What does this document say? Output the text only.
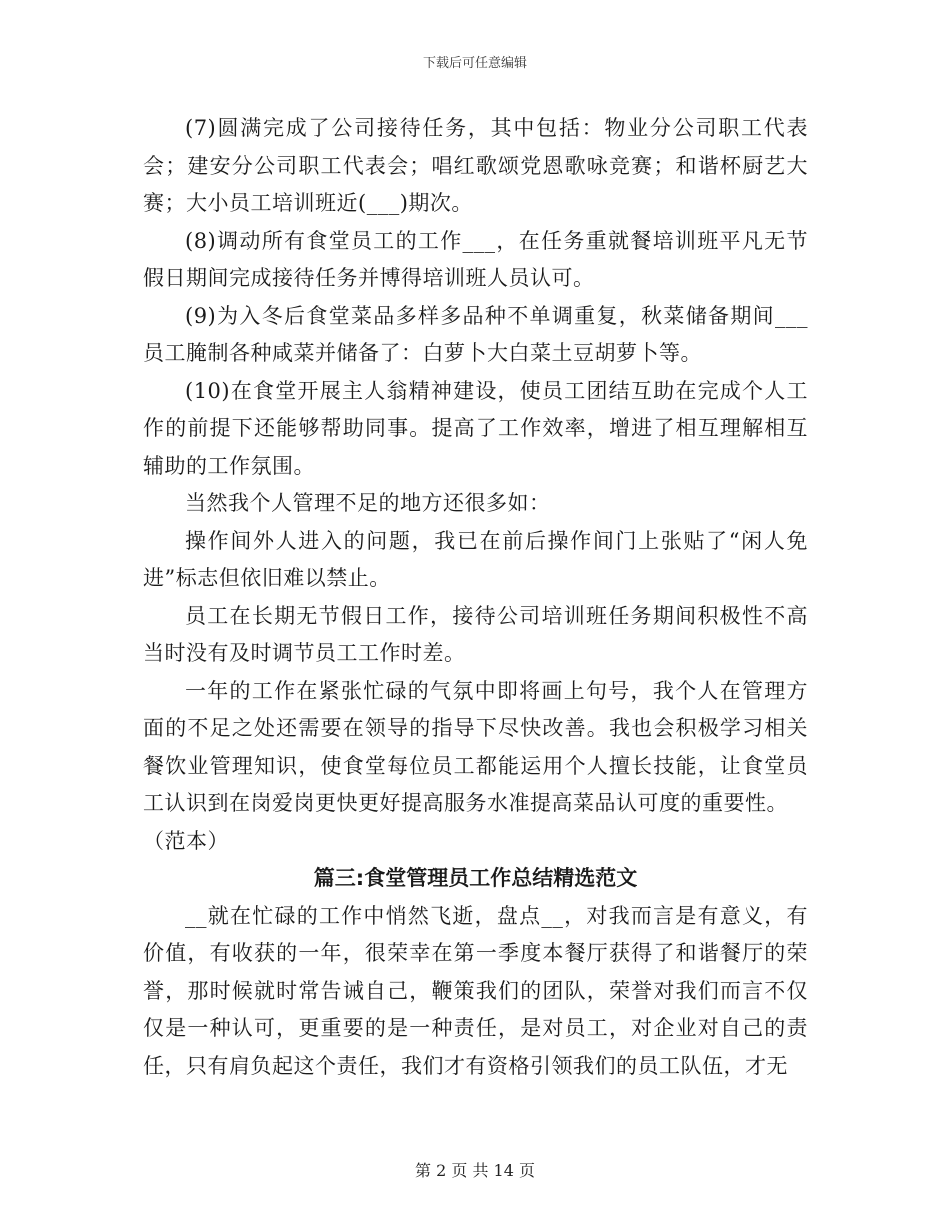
下载后可任意编辑

(7)圆满完成了公司接待任务，其中包括：物业分公司职工代表会；建安分公司职工代表会；唱红歌颂党恩歌咏竞赛；和谐杯厨艺大赛；大小员工培训班近(___)期次。

(8)调动所有食堂员工的工作___，在任务重就餐培训班平凡无节假日期间完成接待任务并博得培训班人员认可。

(9)为入冬后食堂菜品多样多品种不单调重复，秋菜储备期间___员工腌制各种咸菜并储备了：白萝卜大白菜土豆胡萝卜等。

(10)在食堂开展主人翁精神建设，使员工团结互助在完成个人工作的前提下还能够帮助同事。提高了工作效率，增进了相互理解相互辅助的工作氛围。

当然我个人管理不足的地方还很多如：

操作间外人进入的问题，我已在前后操作间门上张贴了“闲人免进”标志但依旧难以禁止。

员工在长期无节假日工作，接待公司培训班任务期间积极性不高当时没有及时调节员工工作时差。

一年的工作在紧张忙碌的气氛中即将画上句号，我个人在管理方面的不足之处还需要在领导的指导下尽快改善。我也会积极学习相关餐饮业管理知识，使食堂每位员工都能运用个人擅长技能，让食堂员工认识到在岗爱岗更快更好提高服务水准提高菜品认可度的重要性。

（范本）

篇三:食堂管理员工作总结精选范文

__就在忙碌的工作中悄然飞逝，盘点__，对我而言是有意义，有价值，有收获的一年，很荣幸在第一季度本餐厅获得了和谐餐厅的荣誉，那时候就时常告诫自己，鞭策我们的团队，荣誉对我们而言不仅仅是一种认可，更重要的是一种责任，是对员工，对企业对自己的责任，只有肩负起这个责任，我们才有资格引领我们的员工队伍，才无

第 2 页 共 14 页
